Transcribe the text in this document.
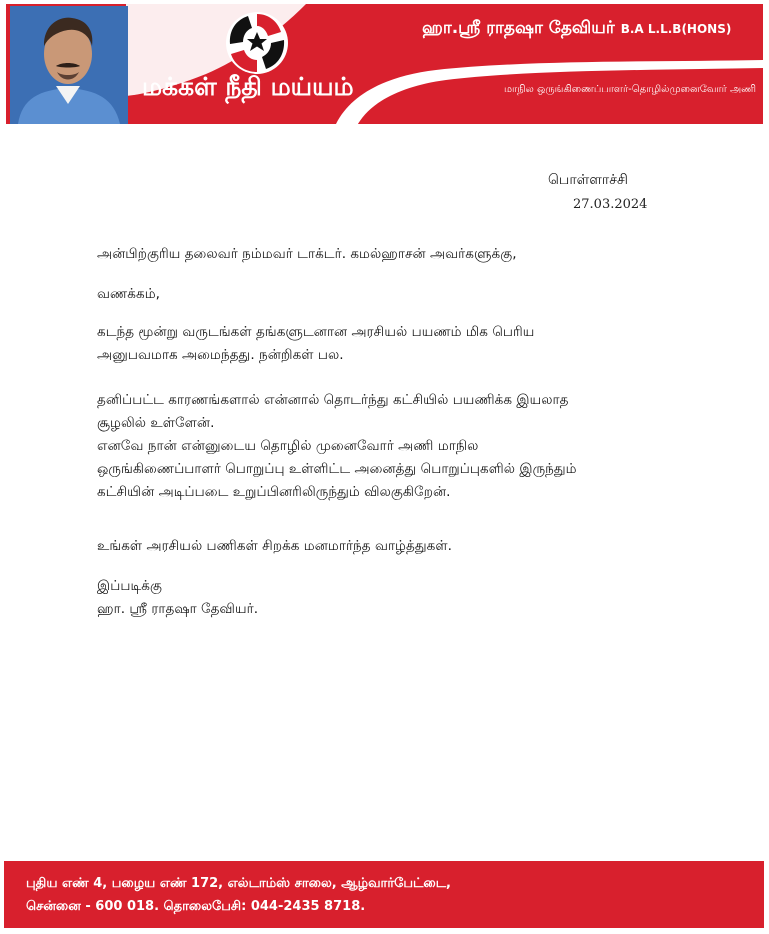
மக்கள் நீதி மய்யம்
ஹா.ஸ்ரீ ராதஷா தேவியர் B.A L.L.B(HONS)
மாநில ஒருங்கிணைப்பாளர்-தொழில்முனைவோர் அணி
பொள்ளாச்சி
27.03.2024
அன்பிற்குரிய தலைவர் நம்மவர் டாக்டர். கமல்ஹாசன் அவர்களுக்கு,
வணக்கம்,
கடந்த மூன்று வருடங்கள் தங்களுடனான அரசியல் பயணம் மிக பெரிய
அனுபவமாக அமைந்தது. நன்றிகள் பல.
தனிப்பட்ட காரணங்களால் என்னால் தொடர்ந்து கட்சியில் பயணிக்க இயலாத
சூழலில் உள்ளேன்.
எனவே நான் என்னுடைய தொழில் முனைவோர் அணி மாநில
ஒருங்கிணைப்பாளர் பொறுப்பு உள்ளிட்ட அனைத்து பொறுப்புகளில் இருந்தும்
கட்சியின் அடிப்படை உறுப்பினரிலிருந்தும் விலகுகிறேன்.
உங்கள் அரசியல் பணிகள் சிறக்க மனமார்ந்த வாழ்த்துகள்.
இப்படிக்கு
ஹா. ஸ்ரீ ராதஷா தேவியர்.
புதிய எண் 4, பழைய எண் 172, எல்டாம்ஸ் சாலை, ஆழ்வார்பேட்டை,
சென்னை - 600 018. தொலைபேசி: 044-2435 8718.
